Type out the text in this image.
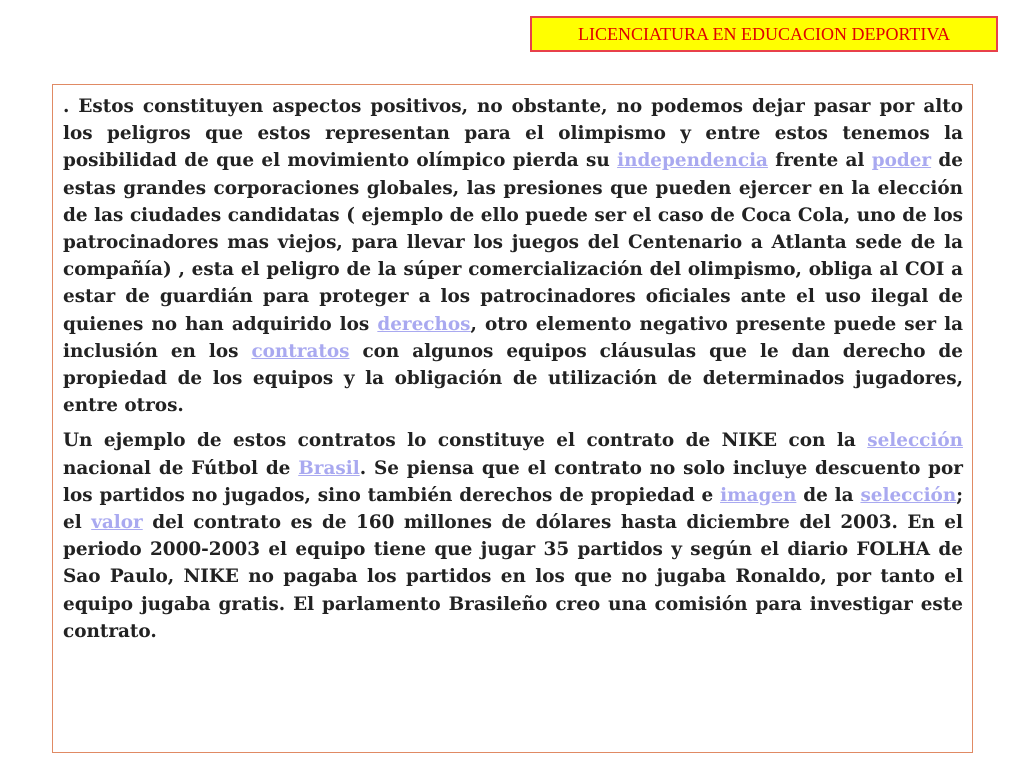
LICENCIATURA EN EDUCACION DEPORTIVA

. Estos constituyen aspectos positivos, no obstante, no podemos dejar pasar por alto los peligros que estos representan para el olimpismo y entre estos tenemos la posibilidad de que el movimiento olímpico pierda su independencia frente al poder de estas grandes corporaciones globales, las presiones que pueden ejercer en la elección de las ciudades candidatas ( ejemplo de ello puede ser el caso de Coca Cola, uno de los patrocinadores mas viejos, para llevar los juegos del Centenario a Atlanta sede de la compañía) , esta el peligro de la súper comercialización del olimpismo, obliga al COI a estar de guardián para proteger a los patrocinadores oficiales ante el uso ilegal de quienes no han adquirido los derechos, otro elemento negativo presente puede ser la inclusión en los contratos con algunos equipos cláusulas que le dan derecho de propiedad de los equipos y la obligación de utilización de determinados jugadores, entre otros.

Un ejemplo de estos contratos lo constituye el contrato de NIKE con la selección nacional de Fútbol de Brasil. Se piensa que el contrato no solo incluye descuento por los partidos no jugados, sino también derechos de propiedad e imagen de la selección; el valor del contrato es de 160 millones de dólares hasta diciembre del 2003. En el periodo 2000-2003 el equipo tiene que jugar 35 partidos y según el diario FOLHA de Sao Paulo, NIKE no pagaba los partidos en los que no jugaba Ronaldo, por tanto el equipo jugaba gratis. El parlamento Brasileño creo una comisión para investigar este contrato.
